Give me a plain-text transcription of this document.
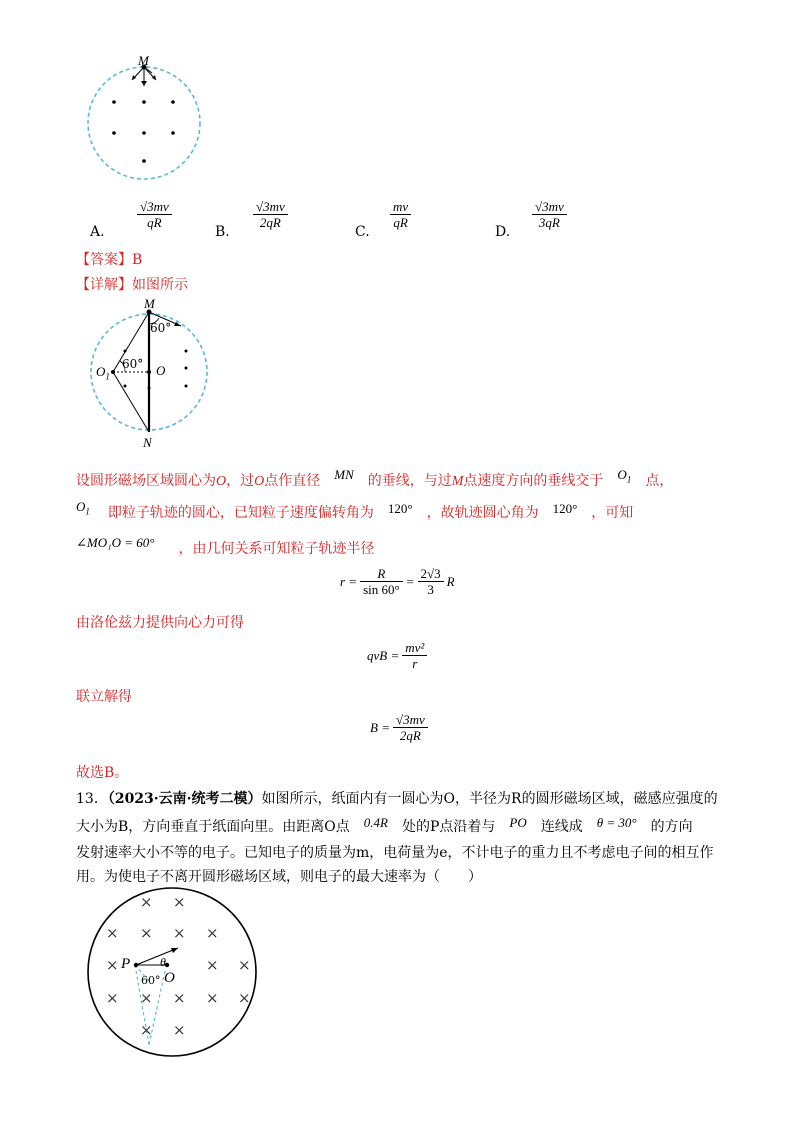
M
A.
√3mv
qR
B.
√3mv
2qR
C.
mv
qR
D.
√3mv
3qR
【答案】B
【详解】如图所示
M
60°
60°
$O_1$	O
N
设圆形磁场区域圆心为O，过O点作直径 MN 的垂线，与过M点速度方向的垂线交于 $O_1$ 点，
$O_1$ 即粒子轨迹的圆心，已知粒子速度偏转角为 120° ，故轨迹圆心角为 120° ，可知
∠MO₁O = 60° ，由几何关系可知粒子轨迹半径
$r = \frac{R}{\sin 60^\circ} = \frac{2√3}{3}$ R
由洛伦兹力提供向心力可得
qvB = $\frac{\text{mv²}}{r}$
联立解得
$B = \frac{√3mv}{2qR}$
故选B。
13．（2023·云南·统考二模）如图所示，纸面内有一圆心为O，半径为R的圆形磁场区域，磁感应强度的
大小为B，方向垂直于纸面向里。由距离O点 0.4R 处的P点沿着与 PO 连线成 θ = 30° 的方向
发射速率大小不等的电子。已知电子的质量为m，电荷量为e，不计电子的重力且不考虑电子间的相互作
用。为使电子不离开圆形磁场区域，则电子的最大速率为（　　）
× ×
× × × ×
×	× ×
× × × × ×
× ×
P θ
60° O
